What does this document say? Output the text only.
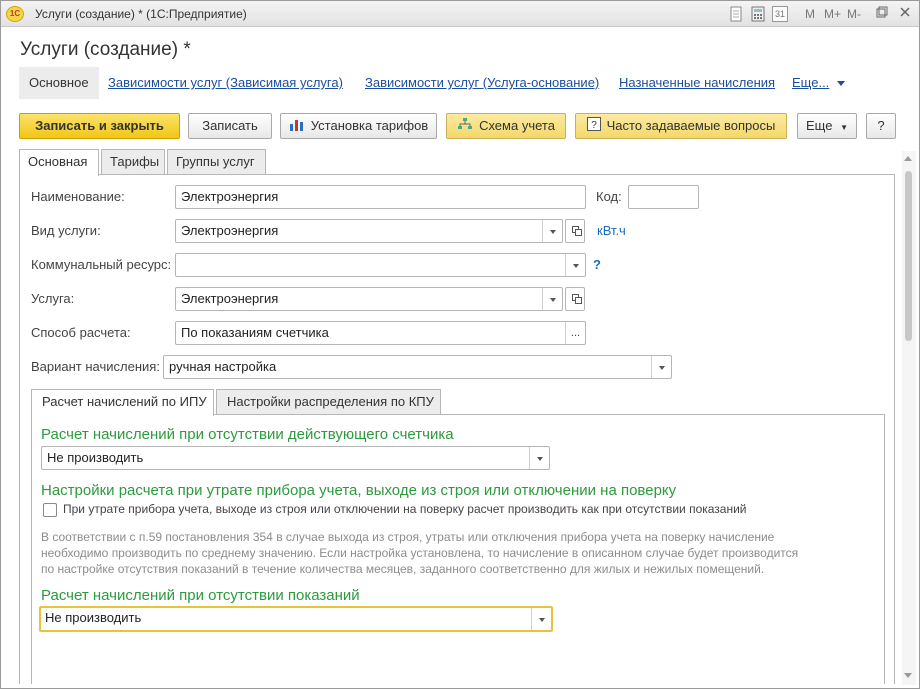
1С	Услуги (создание) * (1С:Предприятие)	31 M M+ M-
Услуги (создание) *
Основное	Зависимости услуг (Зависимая услуга) Зависимости услуг (Услуга-основание) Назначенные начисления Еще...
Записать и закрыть	Записать	Установка тарифов	Схема учета	? Часто задаваемые вопросы	Еще ▼	?
Основная	Тарифы	Группы услуг
Наименование:	Электроэнергия	Код:
Вид услуги:	Электроэнергия	кВт.ч
Коммунальный ресурс:	?
Услуга:	Электроэнергия
Способ расчета:	По показаниям счетчика	...
Вариант начисления: ручная настройка
Расчет начислений по ИПУ	Настройки распределения по КПУ
Расчет начислений при отсутствии действующего счетчика
Не производить
Настройки расчета при утрате прибора учета, выходе из строя или отключении на поверку
При утрате прибора учета, выходе из строя или отключении на поверку расчет производить как при отсутствии показаний
В соответствии с п.59 постановления 354 в случае выхода из строя, утраты или отключения прибора учета на поверку начисление
необходимо производить по среднему значению. Если настройка установлена, то начисление в описанном случае будет производится
по настройке отсутствия показаний в течение количества месяцев, заданного соответственно для жилых и нежилых помещений.
Расчет начислений при отсутствии показаний
Не производить
